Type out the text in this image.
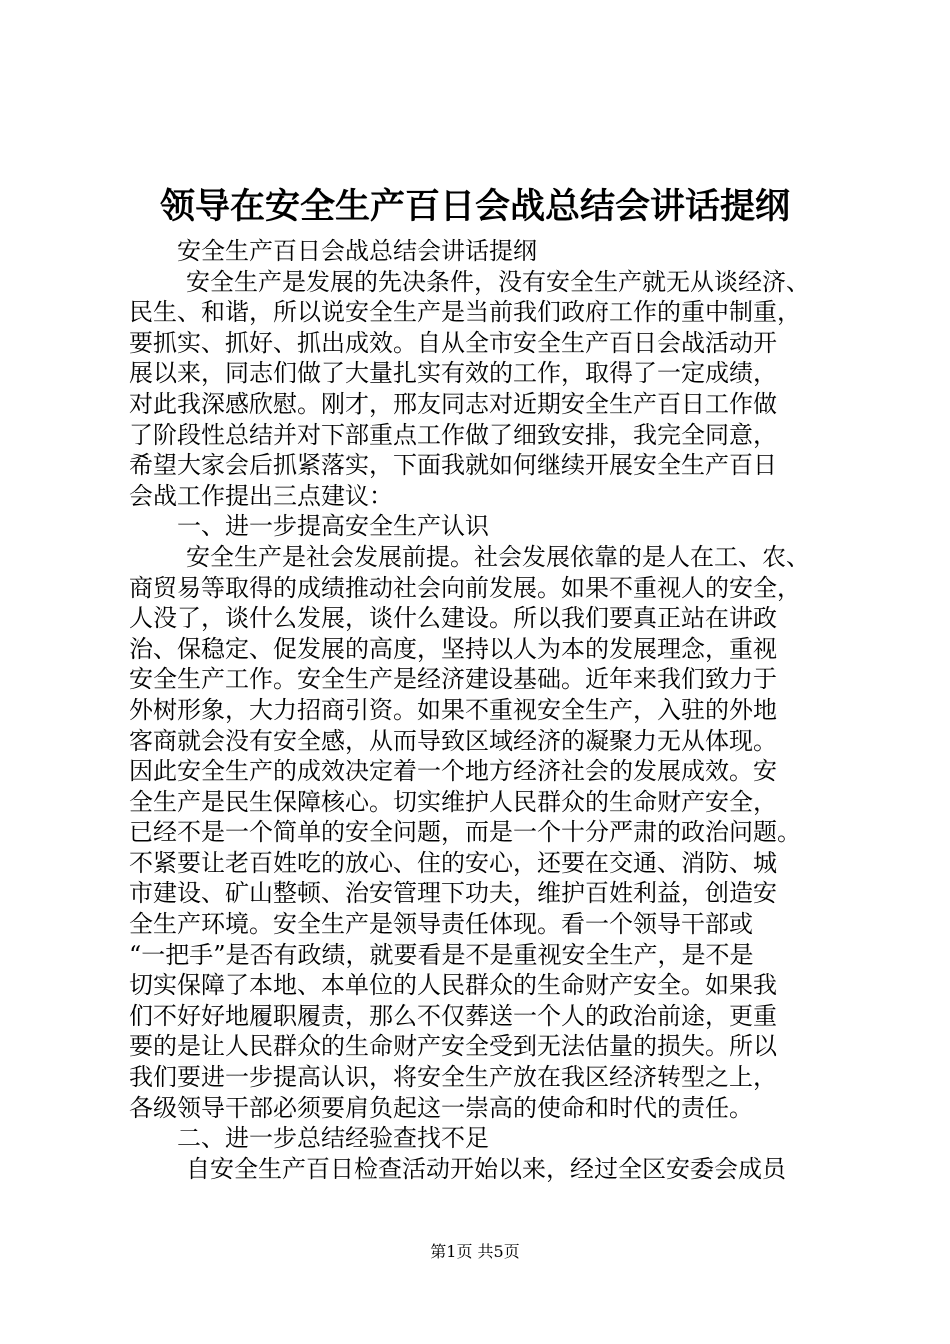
领导在安全生产百日会战总结会讲话提纲

安全生产百日会战总结会讲话提纲

安全生产是发展的先决条件，没有安全生产就无从谈经济、

民生、和谐，所以说安全生产是当前我们政府工作的重中制重，

要抓实、抓好、抓出成效。自从全市安全生产百日会战活动开

展以来，同志们做了大量扎实有效的工作，取得了一定成绩，

对此我深感欣慰。刚才，邢友同志对近期安全生产百日工作做

了阶段性总结并对下部重点工作做了细致安排，我完全同意，

希望大家会后抓紧落实，下面我就如何继续开展安全生产百日

会战工作提出三点建议：

一、进一步提高安全生产认识

安全生产是社会发展前提。社会发展依靠的是人在工、农、

商贸易等取得的成绩推动社会向前发展。如果不重视人的安全，

人没了，谈什么发展，谈什么建设。所以我们要真正站在讲政

治、保稳定、促发展的高度，坚持以人为本的发展理念，重视

安全生产工作。安全生产是经济建设基础。近年来我们致力于

外树形象，大力招商引资。如果不重视安全生产，入驻的外地

客商就会没有安全感，从而导致区域经济的凝聚力无从体现。

因此安全生产的成效决定着一个地方经济社会的发展成效。安

全生产是民生保障核心。切实维护人民群众的生命财产安全，

已经不是一个简单的安全问题，而是一个十分严肃的政治问题。

不紧要让老百姓吃的放心、住的安心，还要在交通、消防、城

市建设、矿山整顿、治安管理下功夫，维护百姓利益，创造安

全生产环境。安全生产是领导责任体现。看一个领导干部或

“一把手”是否有政绩，就要看是不是重视安全生产，是不是

切实保障了本地、本单位的人民群众的生命财产安全。如果我

们不好好地履职履责，那么不仅葬送一个人的政治前途，更重

要的是让人民群众的生命财产安全受到无法估量的损失。所以

我们要进一步提高认识，将安全生产放在我区经济转型之上，

各级领导干部必须要肩负起这一崇高的使命和时代的责任。

二、进一步总结经验查找不足

自安全生产百日检查活动开始以来，经过全区安委会成员

第1页 共5页
